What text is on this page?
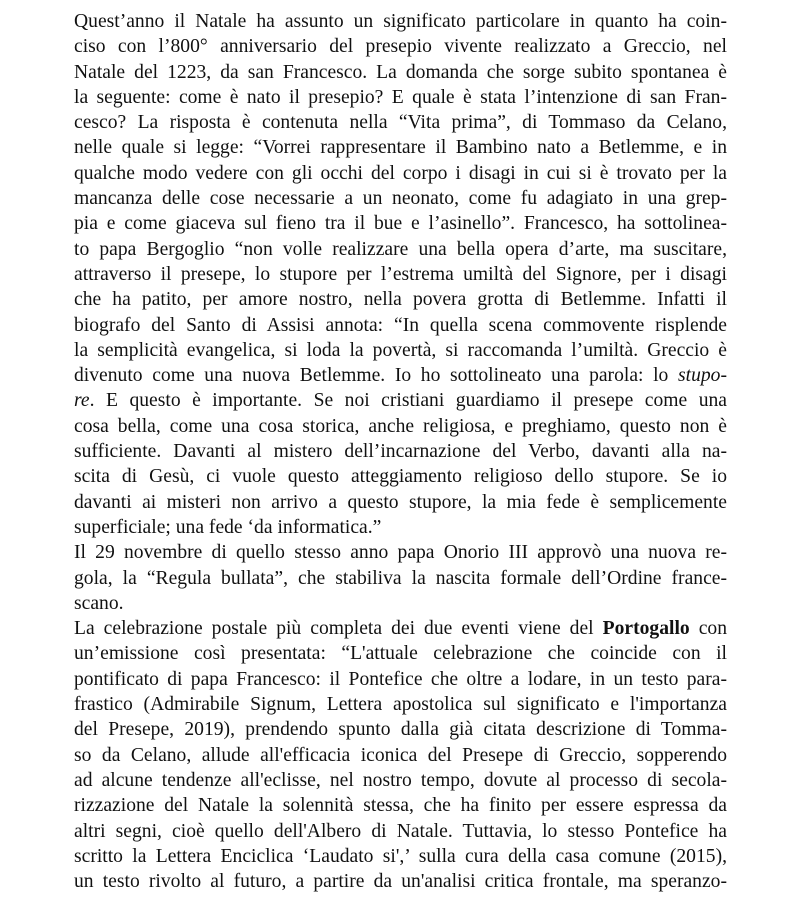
Quest’anno il Natale ha assunto un significato particolare in quanto ha coin-
ciso con l’800° anniversario del presepio vivente realizzato a Greccio, nel
Natale del 1223, da san Francesco. La domanda che sorge subito spontanea è
la seguente: come è nato il presepio? E quale è stata l’intenzione di san Fran-
cesco? La risposta è contenuta nella “Vita prima”, di Tommaso da Celano,
nelle quale si legge: “Vorrei rappresentare il Bambino nato a Betlemme, e in
qualche modo vedere con gli occhi del corpo i disagi in cui si è trovato per la
mancanza delle cose necessarie a un neonato, come fu adagiato in una grep-
pia e come giaceva sul fieno tra il bue e l’asinello”. Francesco, ha sottolinea-
to papa Bergoglio “non volle realizzare una bella opera d’arte, ma suscitare,
attraverso il presepe, lo stupore per l’estrema umiltà del Signore, per i disagi
che ha patito, per amore nostro, nella povera grotta di Betlemme. Infatti il
biografo del Santo di Assisi annota: “In quella scena commovente risplende
la semplicità evangelica, si loda la povertà, si raccomanda l’umiltà. Greccio è
divenuto come una nuova Betlemme. Io ho sottolineato una parola: lo stupo-
re. E questo è importante. Se noi cristiani guardiamo il presepe come una
cosa bella, come una cosa storica, anche religiosa, e preghiamo, questo non è
sufficiente. Davanti al mistero dell’incarnazione del Verbo, davanti alla na-
scita di Gesù, ci vuole questo atteggiamento religioso dello stupore. Se io
davanti ai misteri non arrivo a questo stupore, la mia fede è semplicemente
superficiale; una fede ‘da informatica.”

Il 29 novembre di quello stesso anno papa Onorio III approvò una nuova re-
gola, la “Regula bullata”, che stabiliva la nascita formale dell’Ordine france-
scano.

La celebrazione postale più completa dei due eventi viene del Portogallo con
un’emissione così presentata: “L'attuale celebrazione che coincide con il
pontificato di papa Francesco: il Pontefice che oltre a lodare, in un testo para-
frastico (Admirabile Signum, Lettera apostolica sul significato e l'importanza
del Presepe, 2019), prendendo spunto dalla già citata descrizione di Tomma-
so da Celano, allude all'efficacia iconica del Presepe di Greccio, sopperendo
ad alcune tendenze all'eclisse, nel nostro tempo, dovute al processo di secola-
rizzazione del Natale la solennità stessa, che ha finito per essere espressa da
altri segni, cioè quello dell'Albero di Natale. Tuttavia, lo stesso Pontefice ha
scritto la Lettera Enciclica ‘Laudato si',’ sulla cura della casa comune (2015),
un testo rivolto al futuro, a partire da un'analisi critica frontale, ma speranzo-
